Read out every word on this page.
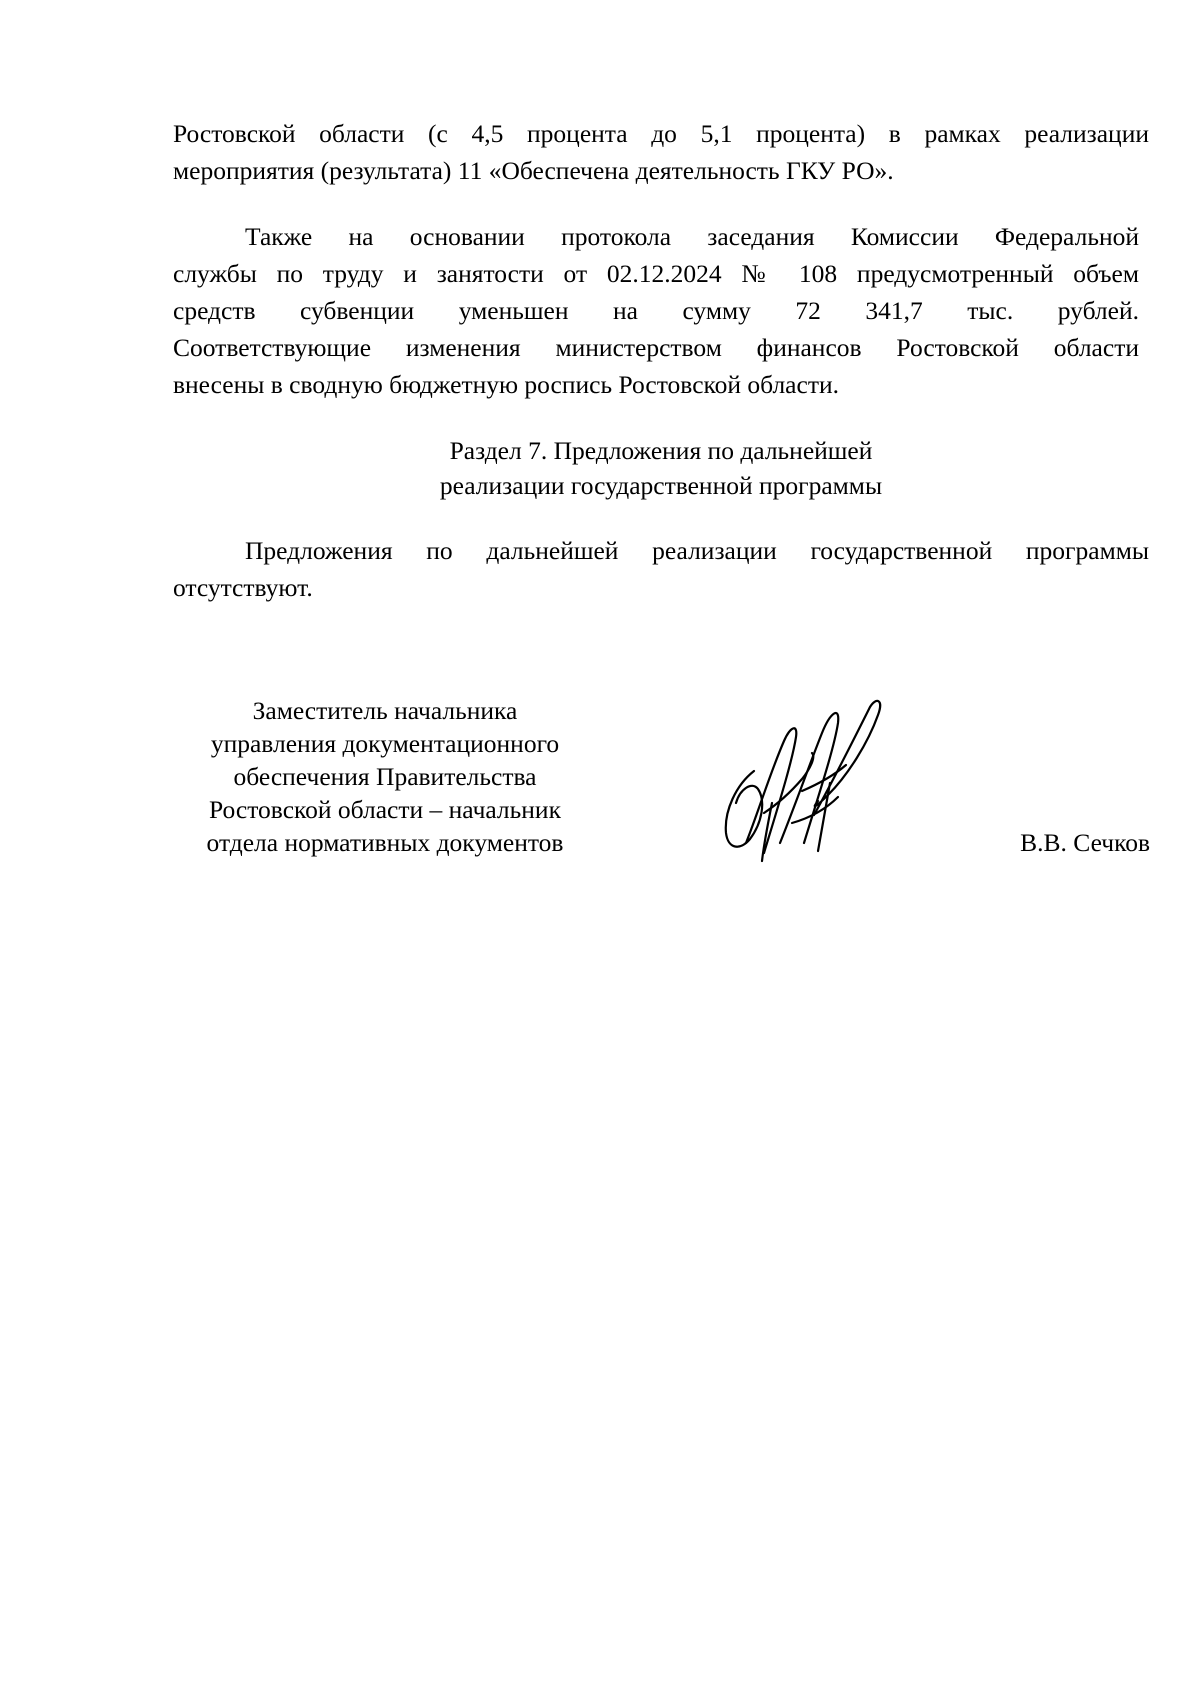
Ростовской области (с 4,5 процента до 5,1 процента) в рамках реализации
мероприятия (результата) 11 «Обеспечена деятельность ГКУ РО».

Также на основании протокола заседания Комиссии Федеральной
службы по труду и занятости от 02.12.2024 № 108 предусмотренный объем
средств субвенции уменьшен на сумму 72 341,7 тыс. рублей.
Соответствующие изменения министерством финансов Ростовской области
внесены в сводную бюджетную роспись Ростовской области.

Раздел 7. Предложения по дальнейшей
реализации государственной программы

Предложения по дальнейшей реализации государственной программы
отсутствуют.

Заместитель начальника
управления документационного
обеспечения Правительства
Ростовской области – начальник
отдела нормативных документов	В.В. Сечков
